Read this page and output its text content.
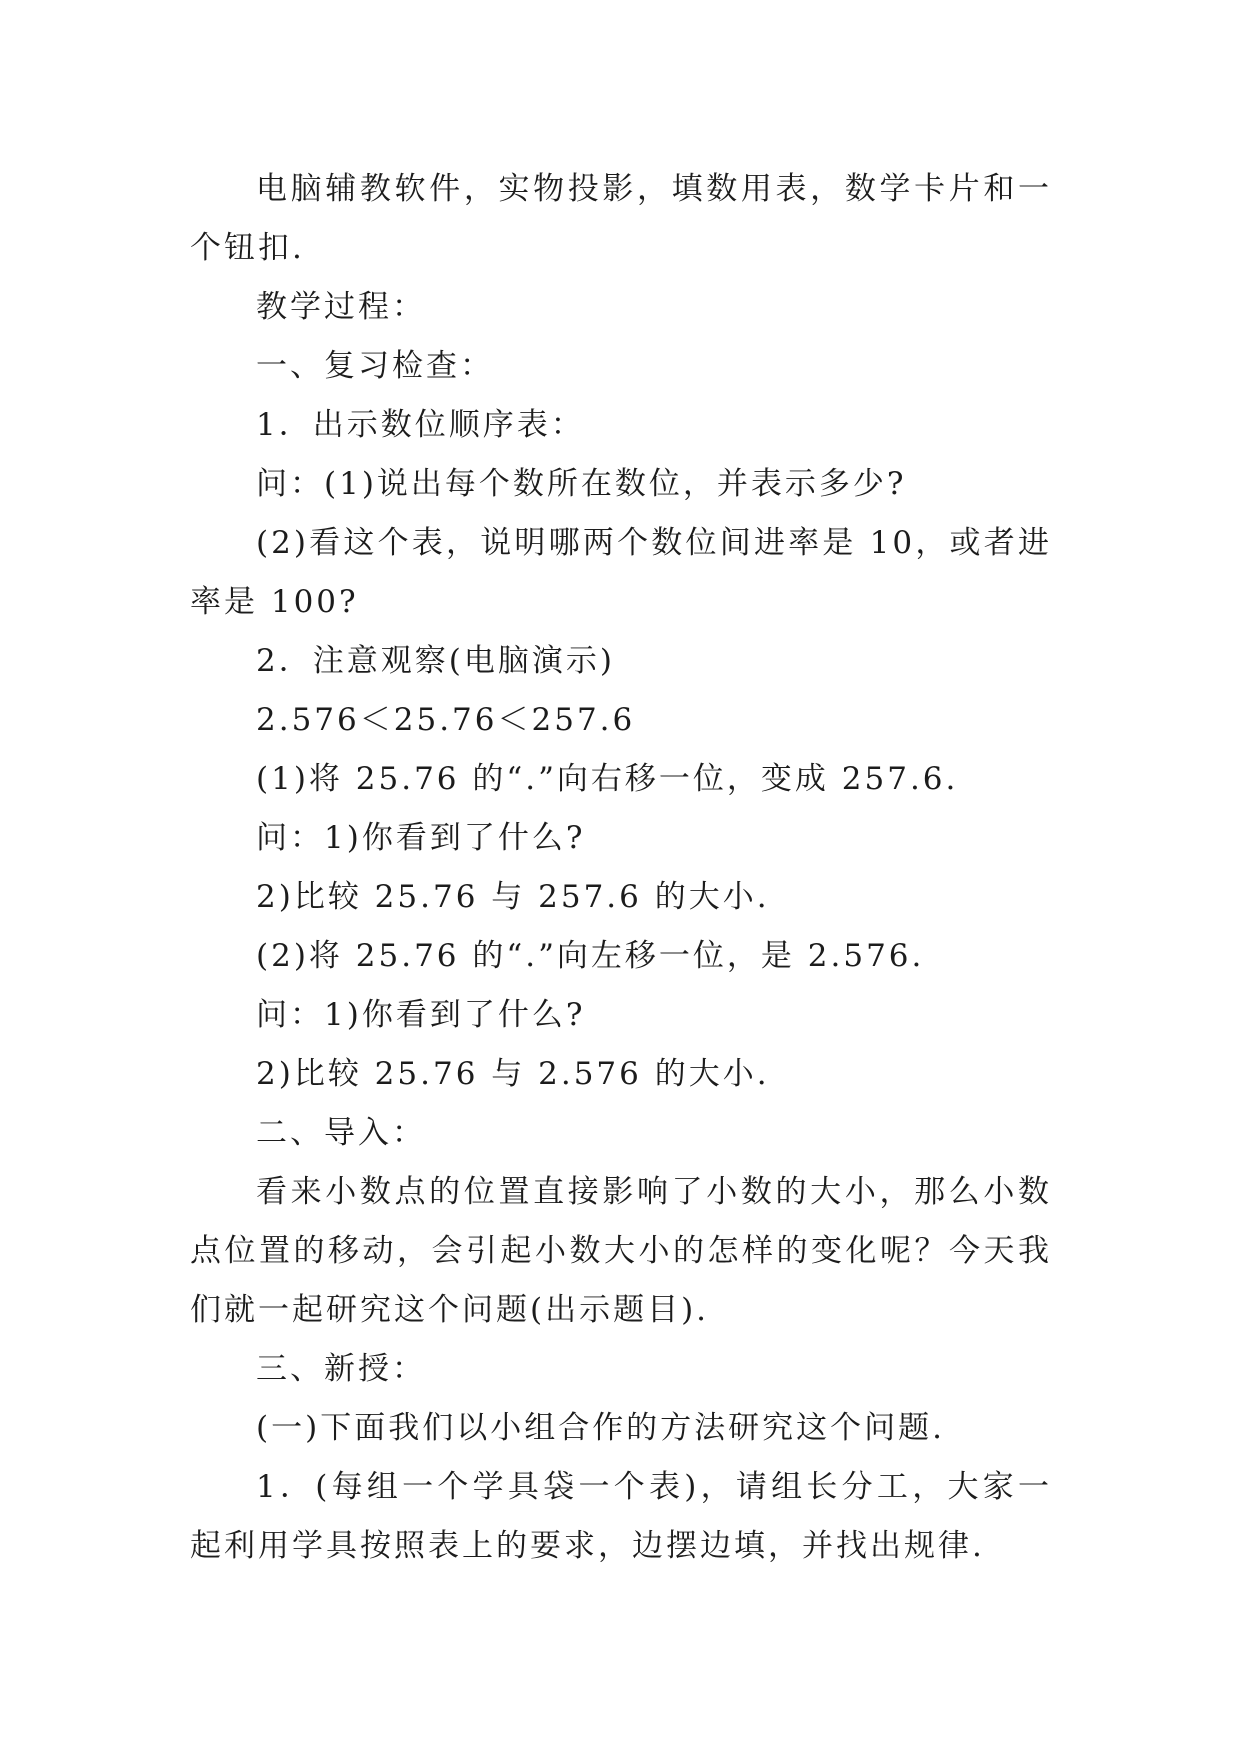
电脑辅教软件，实物投影，填数用表，数学卡片和一个钮扣.

教学过程：

一、复习检查：

1．出示数位顺序表：

问：(1)说出每个数所在数位，并表示多少?

(2)看这个表，说明哪两个数位间进率是 10，或者进率是 100?

2．注意观察(电脑演示)

2.576＜25.76＜257.6

(1)将 25.76 的“.”向右移一位，变成 257.6.

问：1)你看到了什么?

2)比较 25.76 与 257.6 的大小.

(2)将 25.76 的“.”向左移一位，是 2.576.

问：1)你看到了什么?

2)比较 25.76 与 2.576 的大小.

二、导入：

看来小数点的位置直接影响了小数的大小，那么小数点位置的移动，会引起小数大小的怎样的变化呢？今天我们就一起研究这个问题(出示题目).

三、新授：

(一)下面我们以小组合作的方法研究这个问题.

1．(每组一个学具袋一个表)，请组长分工，大家一起利用学具按照表上的要求，边摆边填，并找出规律.
